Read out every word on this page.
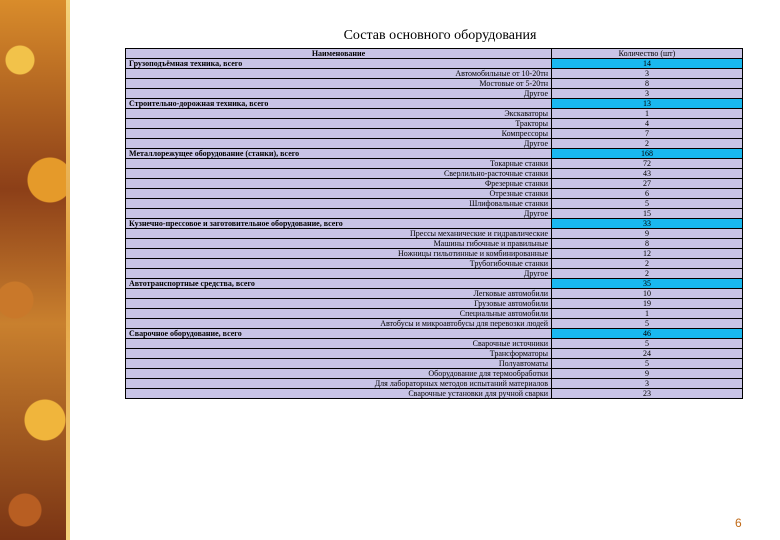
Состав основного оборудования
Наименование	Количество (шт)
Грузоподъёмная техника, всего	14
Автомобильные от 10-20тн	3
Мостовые от 5-20тн	8
Другое	3
Строительно-дорожная техника, всего	13
Экскаваторы	1
Тракторы	4
Компрессоры	7
Другое	2
Металлорежущее оборудование (станки), всего	168
Токарные станки	72
Сверлильно-расточные станки	43
Фрезерные станки	27
Отрезные станки	6
Шлифовальные станки	5
Другое	15
Кузнечно-прессовое и заготовительное оборудование, всего	33
Прессы механические и гидравлические	9
Машины гибочные и правильные	8
Ножницы гильотинные и комбинированные	12
Трубогибочные станки	2
Другое	2
Автотранспортные средства, всего	35
Легковые автомобили	10
Грузовые автомобили	19
Специальные автомобили	1
Автобусы и микроавтобусы для перевозки людей	5
Сварочное оборудование, всего	46
Сварочные источники	5
Трансформаторы	24
Полуавтоматы	5
Оборудование для термообработки	9
Для лабораторных методов испытаний материалов	3
Сварочные установки для ручной сварки	23
6
